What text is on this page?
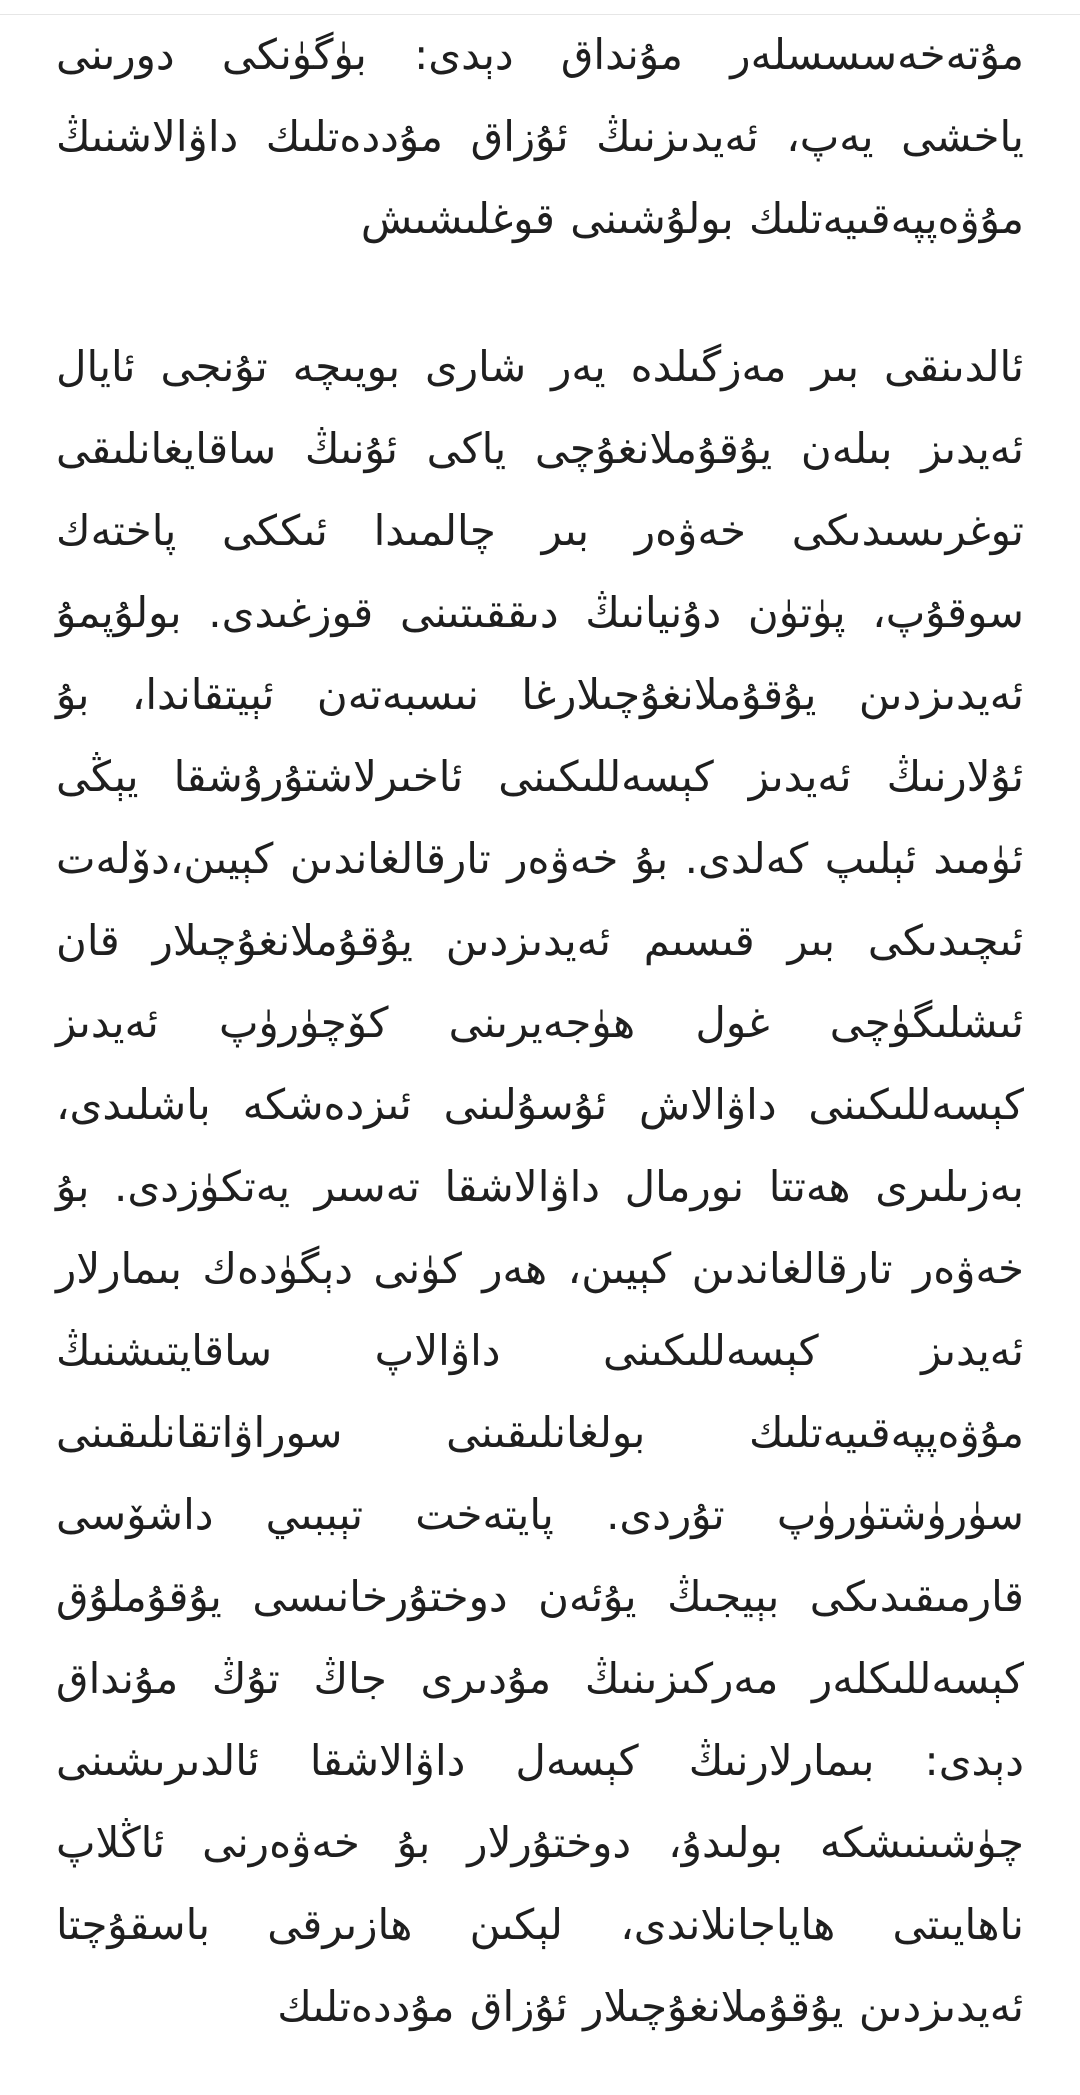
مۇتەخەسسسلەر مۇنداق دېدى: بۈگۈنكى دورىنى ياخشى يەپ، ئەيدىزنىڭ ئۇزاق مۇددەتلىك داۋالاشنىڭ مۇۋەپپەقىيەتلىك بولۇشىنى قوغلىشىش

ئالدىنقى بىر مەزگىلدە يەر شارى بويىچە تۇنجى ئايال ئەيدىز بىلەن يۇقۇملانغۇچى ياكى ئۇنىڭ ساقايغانلىقى توغرىسىدىكى خەۋەر بىر چالمىدا ئىككى پاختەك سوقۇپ، پۈتۈن دۇنيانىڭ دىققىتىنى قوزغىدى. بولۇپمۇ ئەيدىزدىن يۇقۇملانغۇچىلارغا نىسبەتەن ئېيتقاندا، بۇ ئۇلارنىڭ ئەيدىز كېسەللىكىنى ئاخىرلاشتۇرۇشقا يېڭى ئۈمىد ئېلىپ كەلدى. بۇ خەۋەر تارقالغاندىن كېيىن،دۆلەت ئىچىدىكى بىر قىسىم ئەيدىزدىن يۇقۇملانغۇچىلار قان ئىشلىگۈچى غول ھۈجەيرىنى كۆچۈرۈپ ئەيدىز كېسەللىكىنى داۋالاش ئۇسۇلىنى ئىزدەشكە باشلىدى، بەزىلىرى ھەتتا نورمال داۋالاشقا تەسىر يەتكۈزدى. بۇ خەۋەر تارقالغاندىن كېيىن، ھەر كۈنى دېگۈدەك بىمارلار ئەيدىز كېسەللىكىنى داۋالاپ ساقايتىشنىڭ مۇۋەپپەقىيەتلىك بولغانلىقىنى سوراۋاتقانلىقىنى سۈرۈشتۈرۈپ تۇردى. پايتەخت تېببىي داشۆسى قارمىقىدىكى بېيجىڭ يۇئەن دوختۇرخانىسى يۇقۇملۇق كېسەللىكلەر مەركىزىنىڭ مۇدىرى جاڭ تۇڭ مۇنداق دېدى: بىمارلارنىڭ كېسەل داۋالاشقا ئالدىرىشىنى چۈشىنىشكە بولىدۇ، دوختۇرلار بۇ خەۋەرنى ئاڭلاپ ناھايىتى ھاياجانلاندى، لېكىن ھازىرقى باسقۇچتا ئەيدىزدىن يۇقۇملانغۇچىلار ئۇزاق مۇددەتلىك
